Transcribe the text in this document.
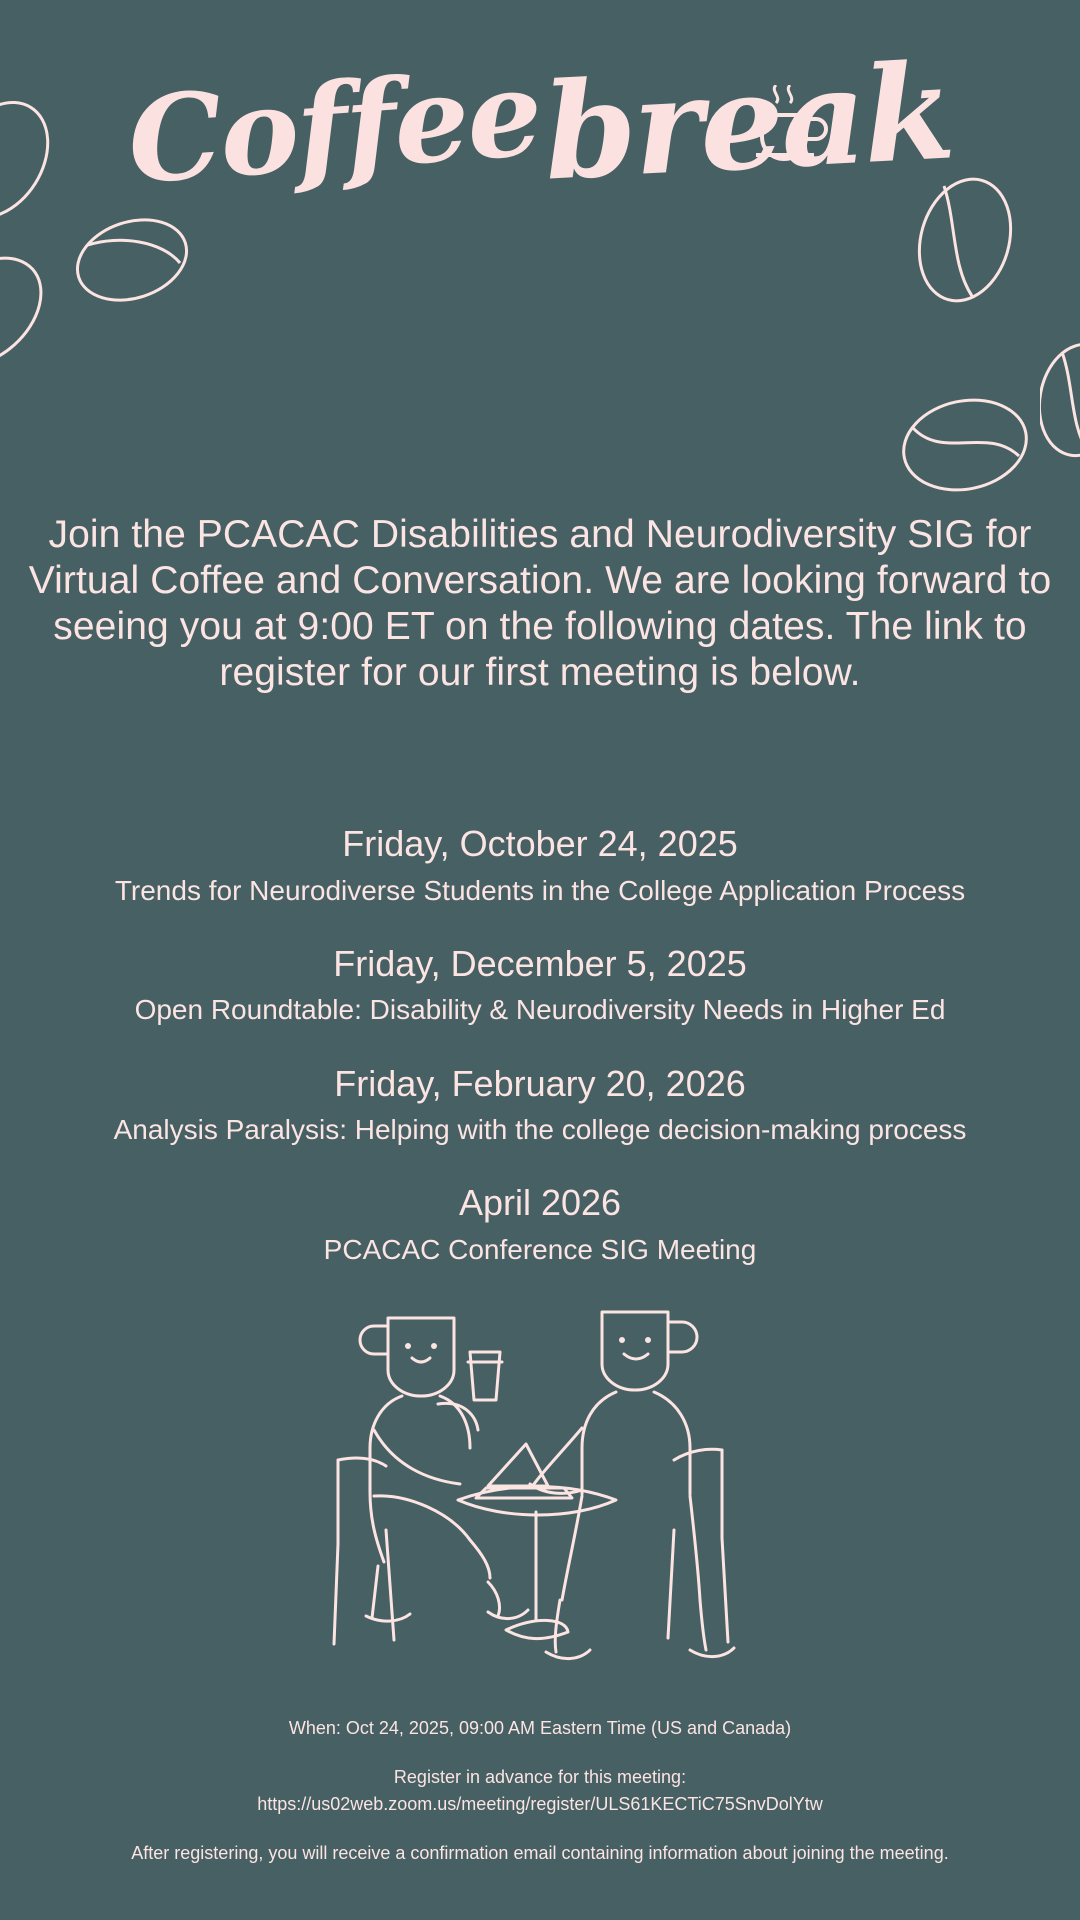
Coffee
break

Join the PCACAC Disabilities and Neurodiversity SIG for Virtual Coffee and Conversation. We are looking forward to seeing you at 9:00 ET on the following dates. The link to register for our first meeting is below.

Friday, October 24, 2025
Trends for Neurodiverse Students in the College Application Process
Friday, December 5, 2025
Open Roundtable: Disability & Neurodiversity Needs in Higher Ed
Friday, February 20, 2026
Analysis Paralysis: Helping with the college decision-making process
April 2026
PCACAC Conference SIG Meeting
When: Oct 24, 2025, 09:00 AM Eastern Time (US and Canada)
Register in advance for this meeting:
https://us02web.zoom.us/meeting/register/ULS61KECTiC75SnvDolYtw
After registering, you will receive a confirmation email containing information about joining the meeting.
